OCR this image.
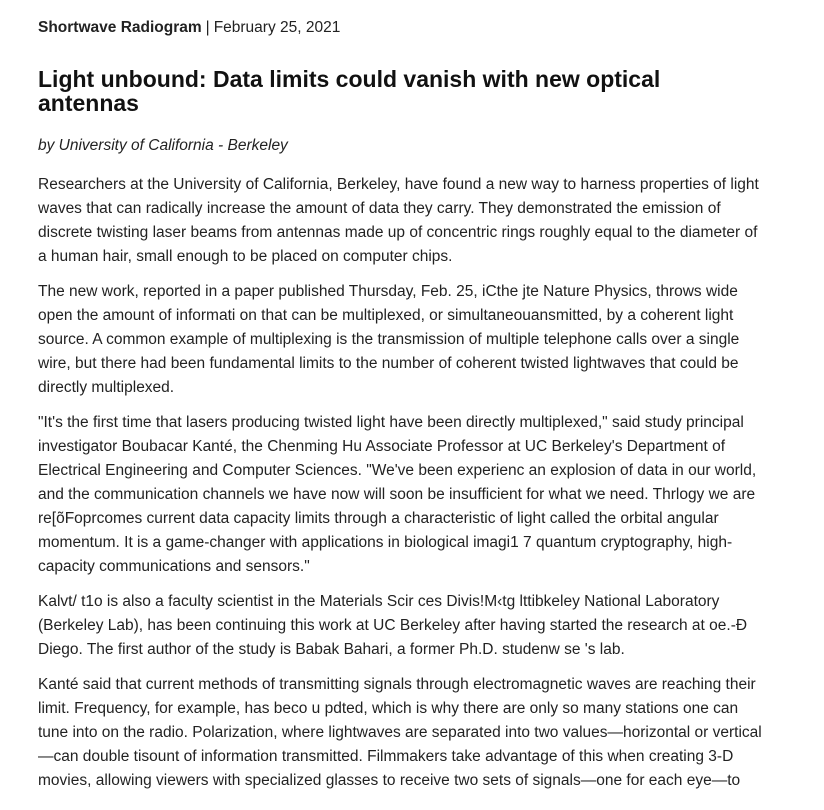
Shortwave Radiogram | February 25, 2021
Light unbound: Data limits could vanish with new optical
antennas
by University of California - Berkeley

Researchers at the University of California, Berkeley, have found a new way to harness properties of light
waves that can radically increase the amount of data they carry. They demonstrated the emission of
discrete twisting laser beams from antennas made up of concentric rings roughly equal to the diameter of
a human hair, small enough to be placed on computer chips.

The new work, reported in a paper published Thursday, Feb. 25, iCthe jte Nature Physics, throws wide
open the amount of informati on that can be multiplexed, or simultaneouansmitted, by a coherent light
source. A common example of multiplexing is the transmission of multiple telephone calls over a single
wire, but there had been fundamental limits to the number of coherent twisted lightwaves that could be
directly multiplexed.

"It's the first time that lasers producing twisted light have been directly multiplexed," said study principal
investigator Boubacar Kanté, the Chenming Hu Associate Professor at UC Berkeley's Department of
Electrical Engineering and Computer Sciences. "We've been experienc an explosion of data in our world,
and the communication channels we have now will soon be insufficient for what we need. Thrlogy we are
re[õFoprcomes current data capacity limits through a characteristic of light called the orbital angular
momentum. It is a game-changer with applications in biological imagi1 7 quantum cryptography, high-
capacity communications and sensors."

Kalvt/ t1o is also a faculty scientist in the Materials Scir ces Divis!M‹tg lttibkeley National Laboratory
(Berkeley Lab), has been continuing this work at UC Berkeley after having started the research at oe.-Ð
Diego. The first author of the study is Babak Bahari, a former Ph.D. studenw se 's lab.

Kanté said that current methods of transmitting signals through electromagnetic waves are reaching their
limit. Frequency, for example, has beco u pdted, which is why there are only so many stations one can
tune into on the radio. Polarization, where lightwaves are separated into two values—horizontal or vertical
—can double tisount of information transmitted. Filmmakers take advantage of this when creating 3-D
movies, allowing viewers with specialized glasses to receive two sets of signals—one for each eye—to
